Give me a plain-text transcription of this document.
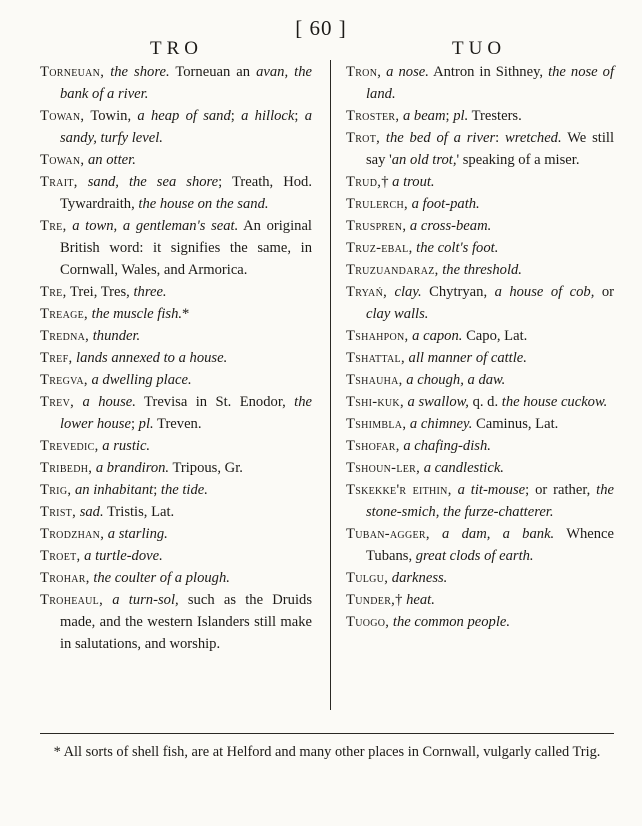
[ 60 ]
TRO	TUO
Torneuan, the shore. Torneuan an avan, the bank of a river.
Towan, Towin, a heap of sand; a hillock; a sandy, turfy level.
Towan, an otter.
Trait, sand, the sea shore; Treath, Hod. Tywardraith, the house on the sand.
Tre, a town, a gentleman's seat. An original British word: it signifies the same, in Cornwall, Wales, and Armorica.
Tre, Trei, Tres, three.
Treage, the muscle fish.*
Tredna, thunder.
Tref, lands annexed to a house.
Tregva, a dwelling place.
Trev, a house. Trevisa in St. Enodor, the lower house; pl. Treven.
Trevedic, a rustic.
Tribedh, a brandiron. Tripous, Gr.
Trig, an inhabitant; the tide.
Trist, sad. Tristis, Lat.
Trodzhan, a starling.
Troet, a turtle-dove.
Trohar, the coulter of a plough.
Troheaul, a turn-sol, such as the Druids made, and the western Islanders still make in salutations, and worship.
Tron, a nose. Antron in Sithney, the nose of land.
Troster, a beam; pl. Tresters.
Trot, the bed of a river: wretched. We still say 'an old trot,' speaking of a miser.
Trud,† a trout.
Trulerch, a foot-path.
Truspren, a cross-beam.
Truz-ebal, the colt's foot.
Truzuandaraz, the threshold.
Tryań, clay. Chytryan, a house of cob, or clay walls.
Tshahpon, a capon. Capo, Lat.
Tshattal, all manner of cattle.
Tshauha, a chough, a daw.
Tshi-kuk, a swallow, q. d. the house cuckow.
Tshimbla, a chimney. Caminus, Lat.
Tshofar, a chafing-dish.
Tshoun-ler, a candlestick.
Tskekke'r eithin, a tit-mouse; or rather, the stone-smich, the furze-chatterer.
Tuban-agger, a dam, a bank. Whence Tubans, great clods of earth.
Tulgu, darkness.
Tunder,† heat.
Tuogo, the common people.
* All sorts of shell fish, are at Helford and many other places in Cornwall, vulgarly called Trig.
